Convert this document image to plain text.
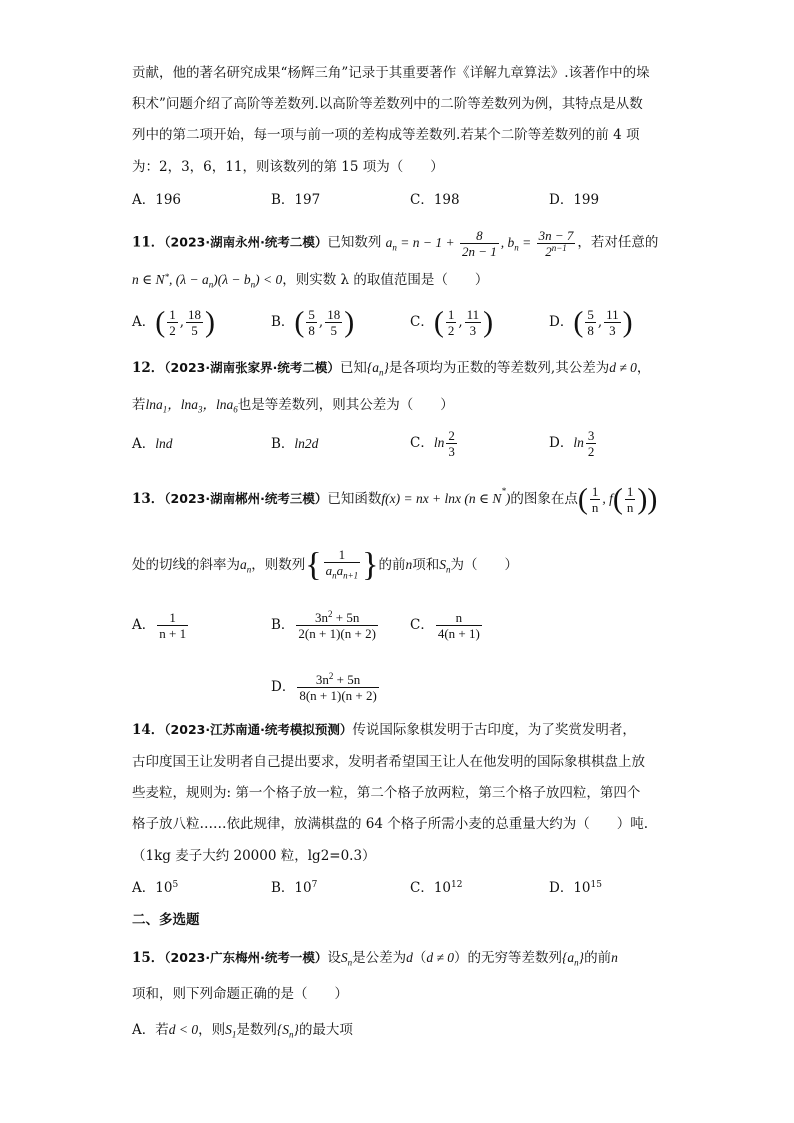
贡献，他的著名研究成果“杨辉三角”记录于其重要著作《详解九章算法》.该著作中的垛
积术”问题介绍了高阶等差数列.以高阶等差数列中的二阶等差数列为例，其特点是从数
列中的第二项开始，每一项与前一项的差构成等差数列.若某个二阶等差数列的前 4 项
为：2，3，6，11，则该数列的第 15 项为（　　）
A．196	B．197	C．198	D．199
11．（2023·湖南永州·统考二模）已知数列 $a_n = n - 1 + \frac{8}{2n - 1}$ , $b_n = \frac{3n - 7}{2^{n-1}}$ ，若对任意的
n ∈ N*, $(\lambda - a_n)(\lambda - b_n) < 0$，则实数 λ 的取值范围是（　　）
A．( $\frac{1}{2}$ , $\frac{18}{5}$ )	B．( $\frac{5}{8}$ , $\frac{18}{5}$ )	C．( $\frac{1}{2}$ , $\frac{11}{3}$ )	D．( $\frac{5}{8}$ , $\frac{11}{3}$ )
12．（2023·湖南张家界·统考二模）已知$\{a_n\}$是各项均为正数的等差数列,其公差为d ≠ 0，
若lna$_1$，lna$_3$，lna$_6$也是等差数列，则其公差为（　　）
A．lnd	B．ln2d	C．$\ln \frac{2}{3}$	D．$\ln \frac{3}{2}$
13．（2023·湖南郴州·统考三模）已知函数f(x) = nx + lnx (n ∈ N*)的图象在点( $\frac{1}{n}$ , $f( \frac{1}{n}$ ))
处的切线的斜率为$a_n$，则数列{ $\frac{1}{a_na_{n+1}}$ }的前n项和$S_n$为（　　）
A． $\frac{1}{n + 1}$	B． $\frac{3n^2 + 5n}{2(n + 1)(n + 2)}$ C． $\frac{n}{4(n + 1)}$
D． $\frac{3n^2 + 5n}{8(n + 1)(n + 2)}$
14．（2023·江苏南通·统考模拟预测）传说国际象棋发明于古印度，为了奖赏发明者，
古印度国王让发明者自己提出要求，发明者希望国王让人在他发明的国际象棋棋盘上放
些麦粒，规则为: 第一个格子放一粒，第二个格子放两粒，第三个格子放四粒，第四个
格子放八粒……依此规律，放满棋盘的 64 个格子所需小麦的总重量大约为（　　）吨.
（1kg 麦子大约 20000 粒，lg2=0.3）
A．$10^5$	B．$10^7$	C．$10^{12}$	D．$10^{15}$
二、多选题
15．（2023·广东梅州·统考一模）设$S_n$是公差为d（d ≠ 0）的无穷等差数列$\{a_n\}$的前n
项和，则下列命题正确的是（　　）
A．若d < 0，则$S_1$是数列$\{S_n\}$的最大项
